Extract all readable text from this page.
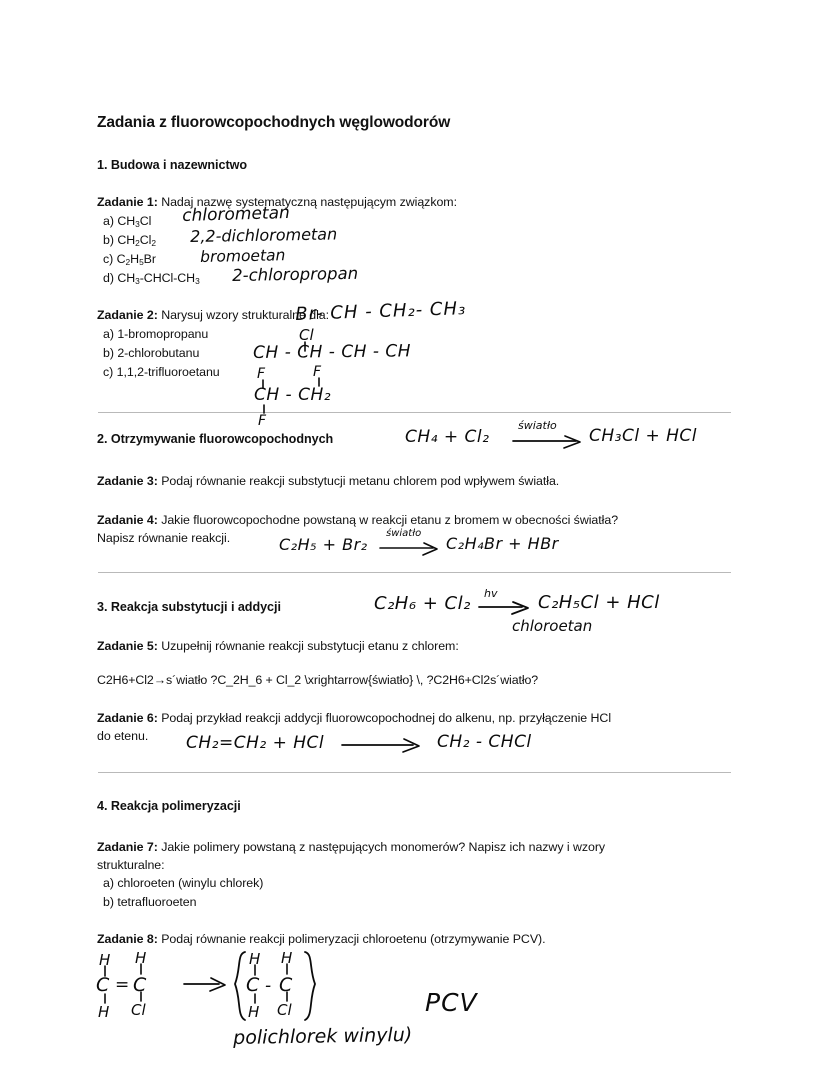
Zadania z fluorowcopochodnych węglowodorów
1. Budowa i nazewnictwo
Zadanie 1: Nadaj nazwę systematyczną następującym związkom:
a) $CH_3Cl$
b) $CH_2Cl_2$
c) $C_2H_5Br$
d) $CH_3-CHCl-CH_3$
Zadanie 2: Narysuj wzory strukturalne dla:
a) 1-bromopropanu
b) 2-chlorobutanu
c) 1,1,2-trifluoroetanu
2. Otrzymywanie fluorowcopochodnych
Zadanie 3: Podaj równanie reakcji substytucji metanu chlorem pod wpływem światła.
Zadanie 4: Jakie fluorowcopochodne powstaną w reakcji etanu z bromem w obecności światła?
Napisz równanie reakcji.
3. Reakcja substytucji i addycji
Zadanie 5: Uzupełnij równanie reakcji substytucji etanu z chlorem:
C2H6+Cl2→s´wiatło ?C_2H_6 + Cl_2 \xrightarrow{światło} \, ?C2H6+Cl2s´wiatło?
Zadanie 6: Podaj przykład reakcji addycji fluorowcopochodnej do alkenu, np. przyłączenie HCl
do etenu.
4. Reakcja polimeryzacji
Zadanie 7: Jakie polimery powstaną z następujących monomerów? Napisz ich nazwy i wzory
strukturalne:
a) chloroeten (winylu chlorek)
b) tetrafluoroeten
Zadanie 8: Podaj równanie reakcji polimeryzacji chloroetenu (otrzymywanie PCV).
chlorometan
2,2-dichlorometan
bromoetan
2-chloropropan
Br- CH - CH₂- CH₃
Cl
CH - CH - CH - CH
F	F
CH - CH₂
F
CH₄ + Cl₂
światło
CH₃Cl + HCl
C₂H₅ + Br₂
światło
C₂H₄Br + HBr
C₂H₆ + Cl₂ hv → C₂H₅Cl + HCl
chloroetan
CH₂=CH₂ + HCl	CH₂ - CHCl
H H
C = C
H Cl
H H
C - C
H Cl	PCV
polichlorek winylu)
